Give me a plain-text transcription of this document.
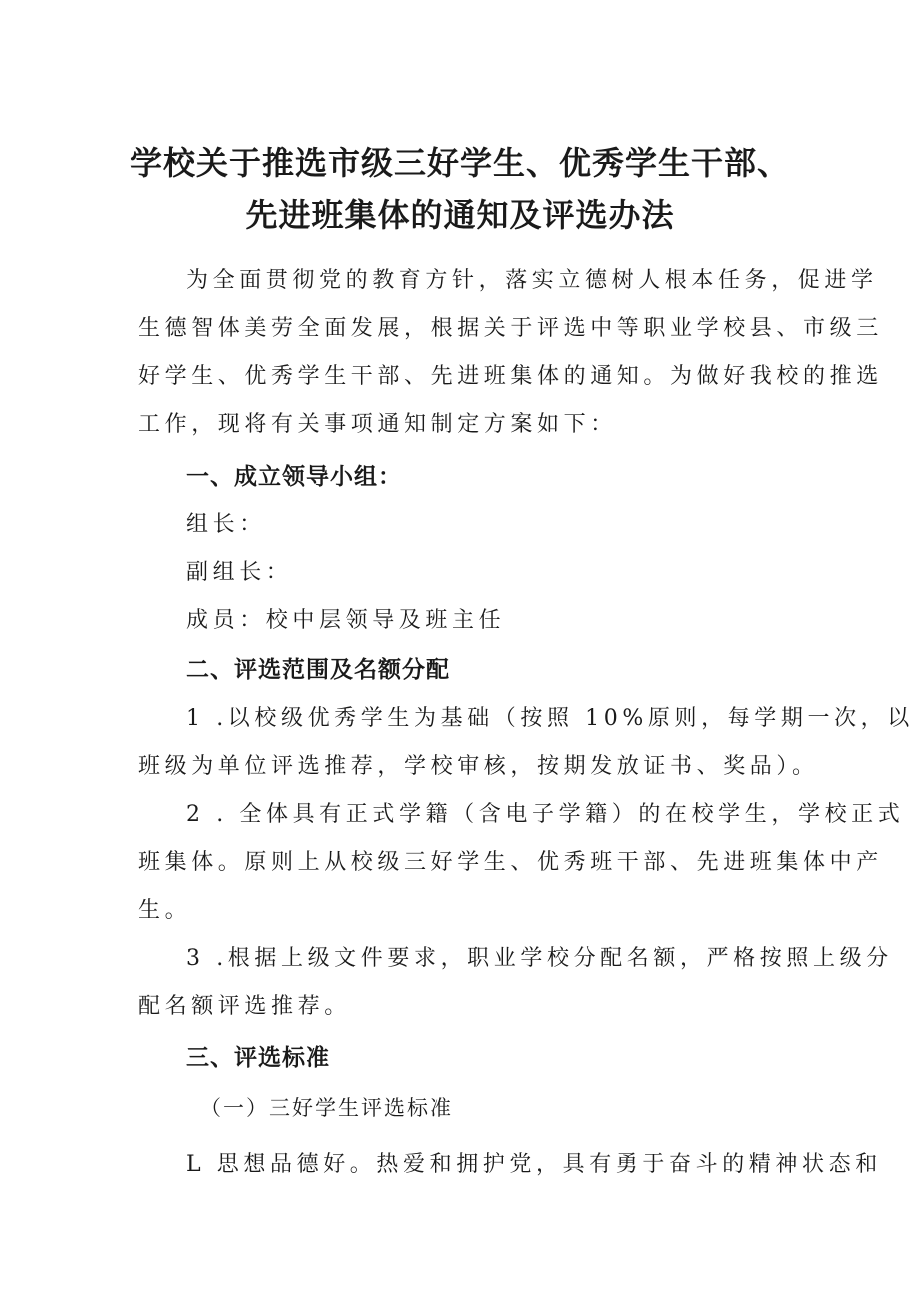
学校关于推选市级三好学生、优秀学生干部、
先进班集体的通知及评选办法
为全面贯彻党的教育方针，落实立德树人根本任务，促进学
生德智体美劳全面发展，根据关于评选中等职业学校县、市级三
好学生、优秀学生干部、先进班集体的通知。为做好我校的推选
工作，现将有关事项通知制定方案如下：
一、成立领导小组：
组长：
副组长：
成员：校中层领导及班主任
二、评选范围及名额分配
1 .以校级优秀学生为基础（按照 10%原则，每学期一次，以
班级为单位评选推荐，学校审核，按期发放证书、奖品）。
2 . 全体具有正式学籍（含电子学籍）的在校学生，学校正式
班集体。原则上从校级三好学生、优秀班干部、先进班集体中产
生。
3 .根据上级文件要求，职业学校分配名额，严格按照上级分
配名额评选推荐。
三、评选标准
（一）三好学生评选标准
L 思想品德好。热爱和拥护党，具有勇于奋斗的精神状态和
